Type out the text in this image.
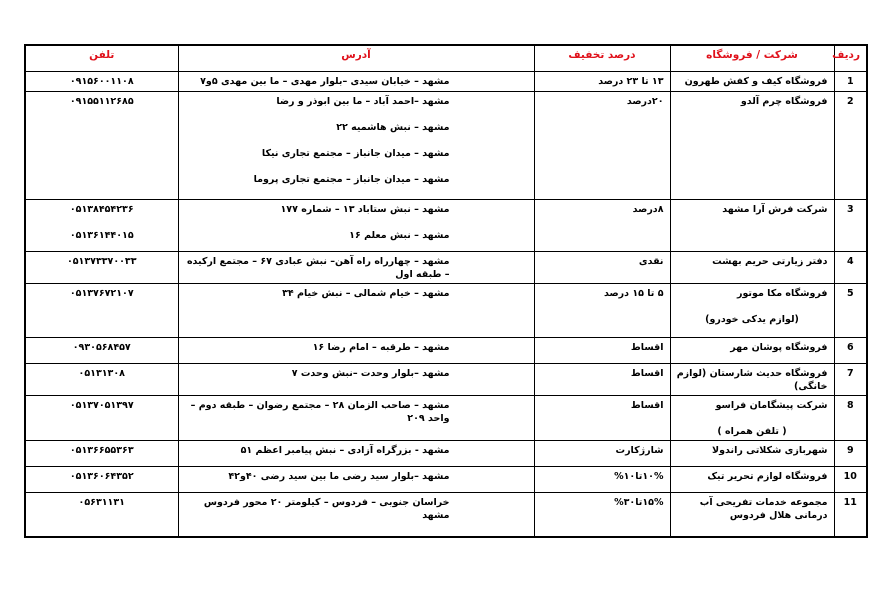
ردیف	شرکت / فروشگاه	درصد تخفیف	آدرس	تلفن
1	فروشگاه کیف و کفش طهرون	۱۳ تا ۲۳ درصد	مشهد – خیابان سیدی –بلوار مهدی – ما بین مهدی ۵و۷	۰۹۱۵۶۰۰۱۱۰۸

2	فروشگاه چرم آلدو	۲۰درصد	مشهد –احمد آباد – ما بین ابوذر و رضا
مشهد – نبش هاشمیه ۲۲
مشهد – میدان جانباز – مجتمع تجاری نیکا
مشهد – میدان جانباز – مجتمع تجاری پروما	۰۹۱۵۵۱۱۲۶۸۵

3	شرکت فرش آرا مشهد	۸درصد	مشهد – نبش ستاباد ۱۳ – شماره ۱۷۷
مشهد – نبش معلم ۱۶	۰۵۱۳۸۴۵۴۲۳۶
۰۵۱۳۶۱۴۴۰۱۵

4	دفتر زیارتی حریم بهشت	نقدی	مشهد – چهارراه راه آهن– نبش عبادی ۶۷ – مجتمع ارکیده – طبقه اول	۰۵۱۳۷۳۳۷۰۰۳۳

5	فروشگاه مکا موتور
(لوازم یدکی خودرو)	۵ تا ۱۵ درصد	مشهد – خیام شمالی – نبش خیام ۳۴	۰۵۱۳۷۶۷۲۱۰۷

6	فروشگاه پوشان مهر	اقساط	مشهد – طرقبه – امام رضا ۱۶	۰۹۳۰۵۶۸۴۵۷

7	فروشگاه حدیث شارستان (لوازم خانگی)	اقساط	مشهد –بلوار وحدت –نبش وحدت ۷	۰۵۱۳۱۳۰۸

8	شرکت پیشگامان فراسو
( تلفن همراه )	اقساط	مشهد – صاحب الزمان ۲۸ – مجتمع رضوان – طبقه دوم – واحد ۲۰۹	۰۵۱۳۷۰۵۱۳۹۷

9	شهربازی شکلاتی راندولا	شارژکارت	مشهد - بزرگراه آزادی – نبش پیامبر اعظم ۵۱	۰۵۱۳۶۶۵۵۳۶۳

10	فروشگاه لوازم تحریر تیک	۱۰%تا۱۰%	مشهد –بلوار سید رضی ما بین سید رضی ۴۰و۴۲	۰۵۱۳۶۰۶۴۳۵۲

11	مجموعه خدمات تفریحی آب درمانی هلال فردوس	۱۵%تا۳۰%	خراسان جنوبی – فردوس – کیلومتر ۲۰ محور فردوس مشهد	۰۵۶۳۱۱۳۱
